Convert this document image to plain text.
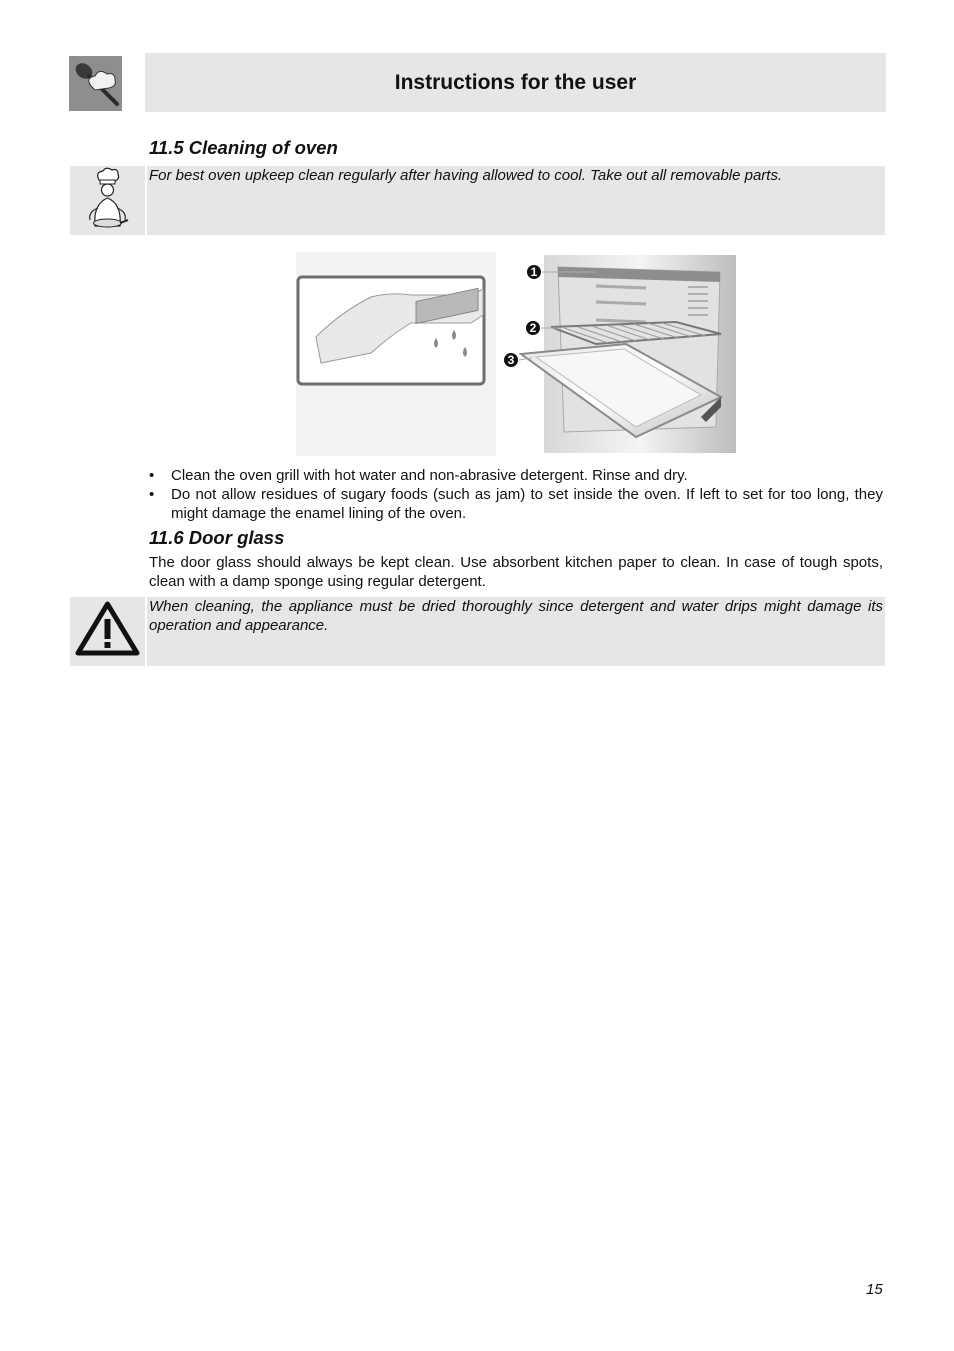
Instructions for the user
11.5 Cleaning of oven

For best oven upkeep clean regularly after having allowed to cool. Take out all removable parts.

1
2
3
• Clean the oven grill with hot water and non-abrasive detergent. Rinse and dry.
• Do not allow residues of sugary foods (such as jam) to set inside the oven. If left to set for too long, they might damage the enamel lining of the oven.
11.6 Door glass

The door glass should always be kept clean. Use absorbent kitchen paper to clean. In case of tough spots, clean with a damp sponge using regular detergent.

When cleaning, the appliance must be dried thoroughly since detergent and water drips might damage its operation and appearance.

15
